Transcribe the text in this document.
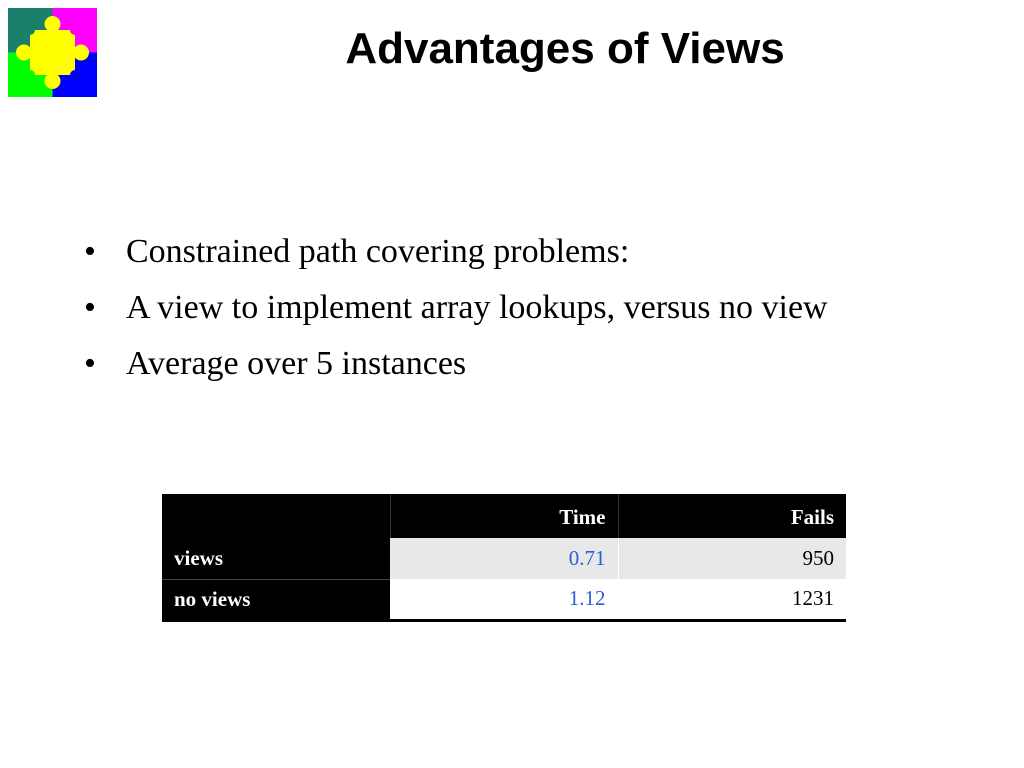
Advantages of Views
• Constrained path covering problems:
• A view to implement array lookups, versus no view
• Average over 5 instances
	Time	Fails
views	0.71	950
no views	1.12	1231
